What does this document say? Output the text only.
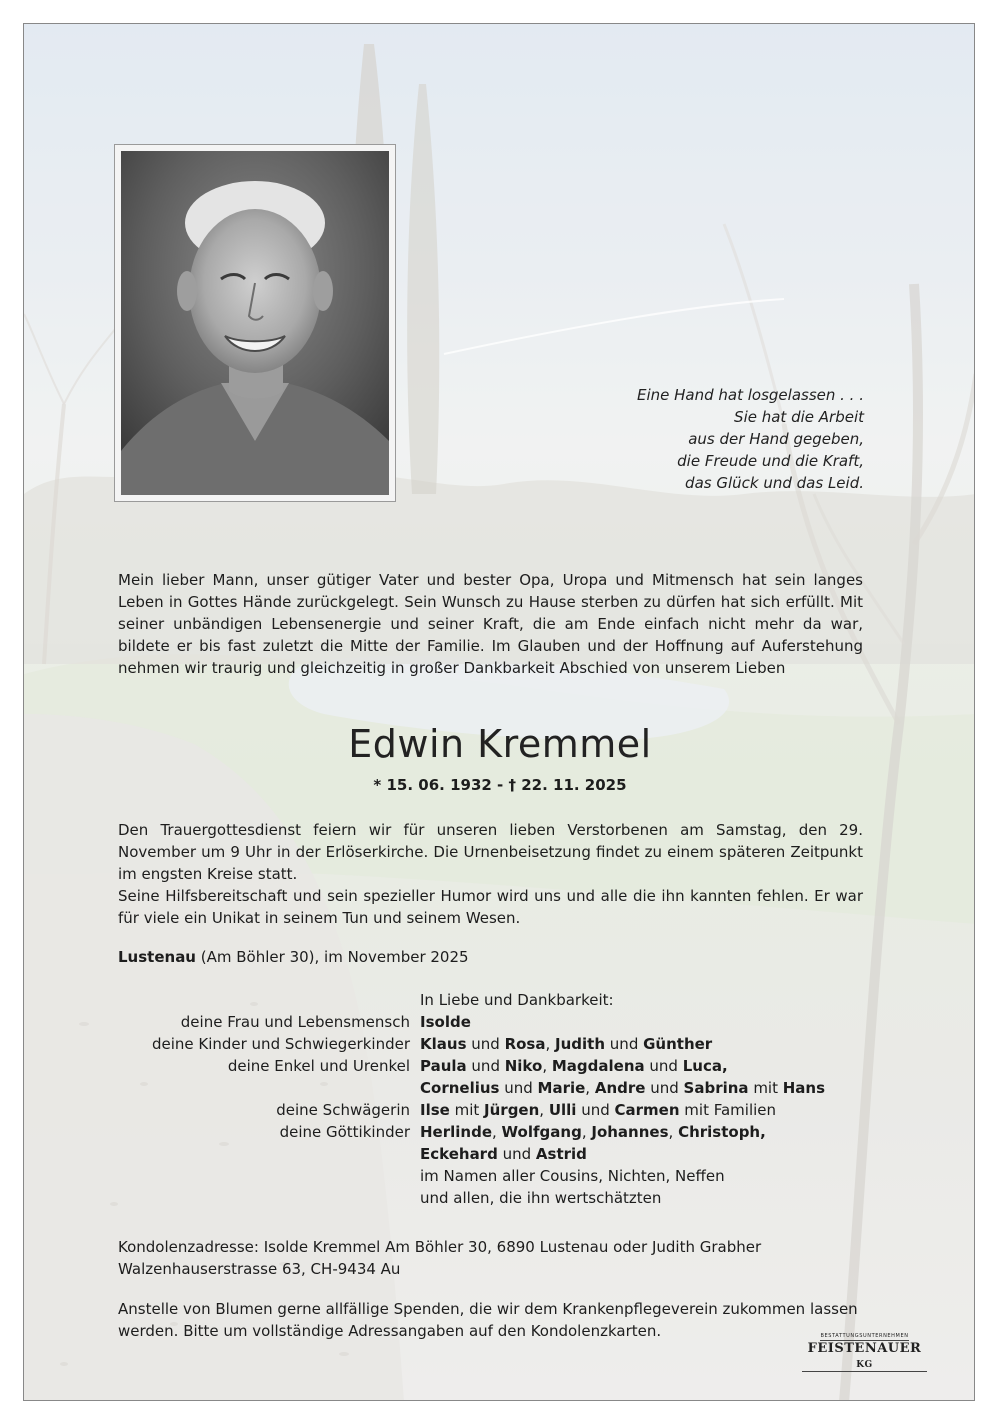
Eine Hand hat losgelassen . . .
Sie hat die Arbeit
aus der Hand gegeben,
die Freude und die Kraft,
das Glück und das Leid.
Mein lieber Mann, unser gütiger Vater und bester Opa, Uropa und Mitmensch hat sein langes Leben in Gottes Hände zurückgelegt. Sein Wunsch zu Hause sterben zu dürfen hat sich erfüllt. Mit seiner unbändigen Lebensenergie und seiner Kraft, die am Ende einfach nicht mehr da war, bildete er bis fast zuletzt die Mitte der Familie. Im Glauben und der Hoffnung auf Auferstehung nehmen wir traurig und gleichzeitig in großer Dankbarkeit Abschied von unserem Lieben
Edwin Kremmel
* 15. 06. 1932 - † 22. 11. 2025
Den Trauergottesdienst feiern wir für unseren lieben Verstorbenen am Samstag, den 29. November um 9 Uhr in der Erlöserkirche. Die Urnenbeisetzung findet zu einem späteren Zeitpunkt im engsten Kreise statt.
Seine Hilfsbereitschaft und sein spezieller Humor wird uns und alle die ihn kannten fehlen. Er war für viele ein Unikat in seinem Tun und seinem Wesen.
Lustenau (Am Böhler 30), im November 2025
In Liebe und Dankbarkeit:
deine Frau und Lebensmensch Isolde
deine Kinder und Schwiegerkinder Klaus und Rosa, Judith und Günther
deine Enkel und Urenkel Paula und Niko, Magdalena und Luca,
Cornelius und Marie, Andre und Sabrina mit Hans
deine Schwägerin Ilse mit Jürgen, Ulli und Carmen mit Familien
deine Göttikinder Herlinde, Wolfgang, Johannes, Christoph,
Eckehard und Astrid
im Namen aller Cousins, Nichten, Neffen
und allen, die ihn wertschätzten
Kondolenzadresse: Isolde Kremmel Am Böhler 30, 6890 Lustenau oder Judith Grabher Walzenhauserstrasse 63, CH-9434 Au
Anstelle von Blumen gerne allfällige Spenden, die wir dem Krankenpflegeverein zukommen lassen werden. Bitte um vollständige Adressangaben auf den Kondolenzkarten.	BESTATTUNGSUNTERNEHMEN
FEISTENAUER KG
